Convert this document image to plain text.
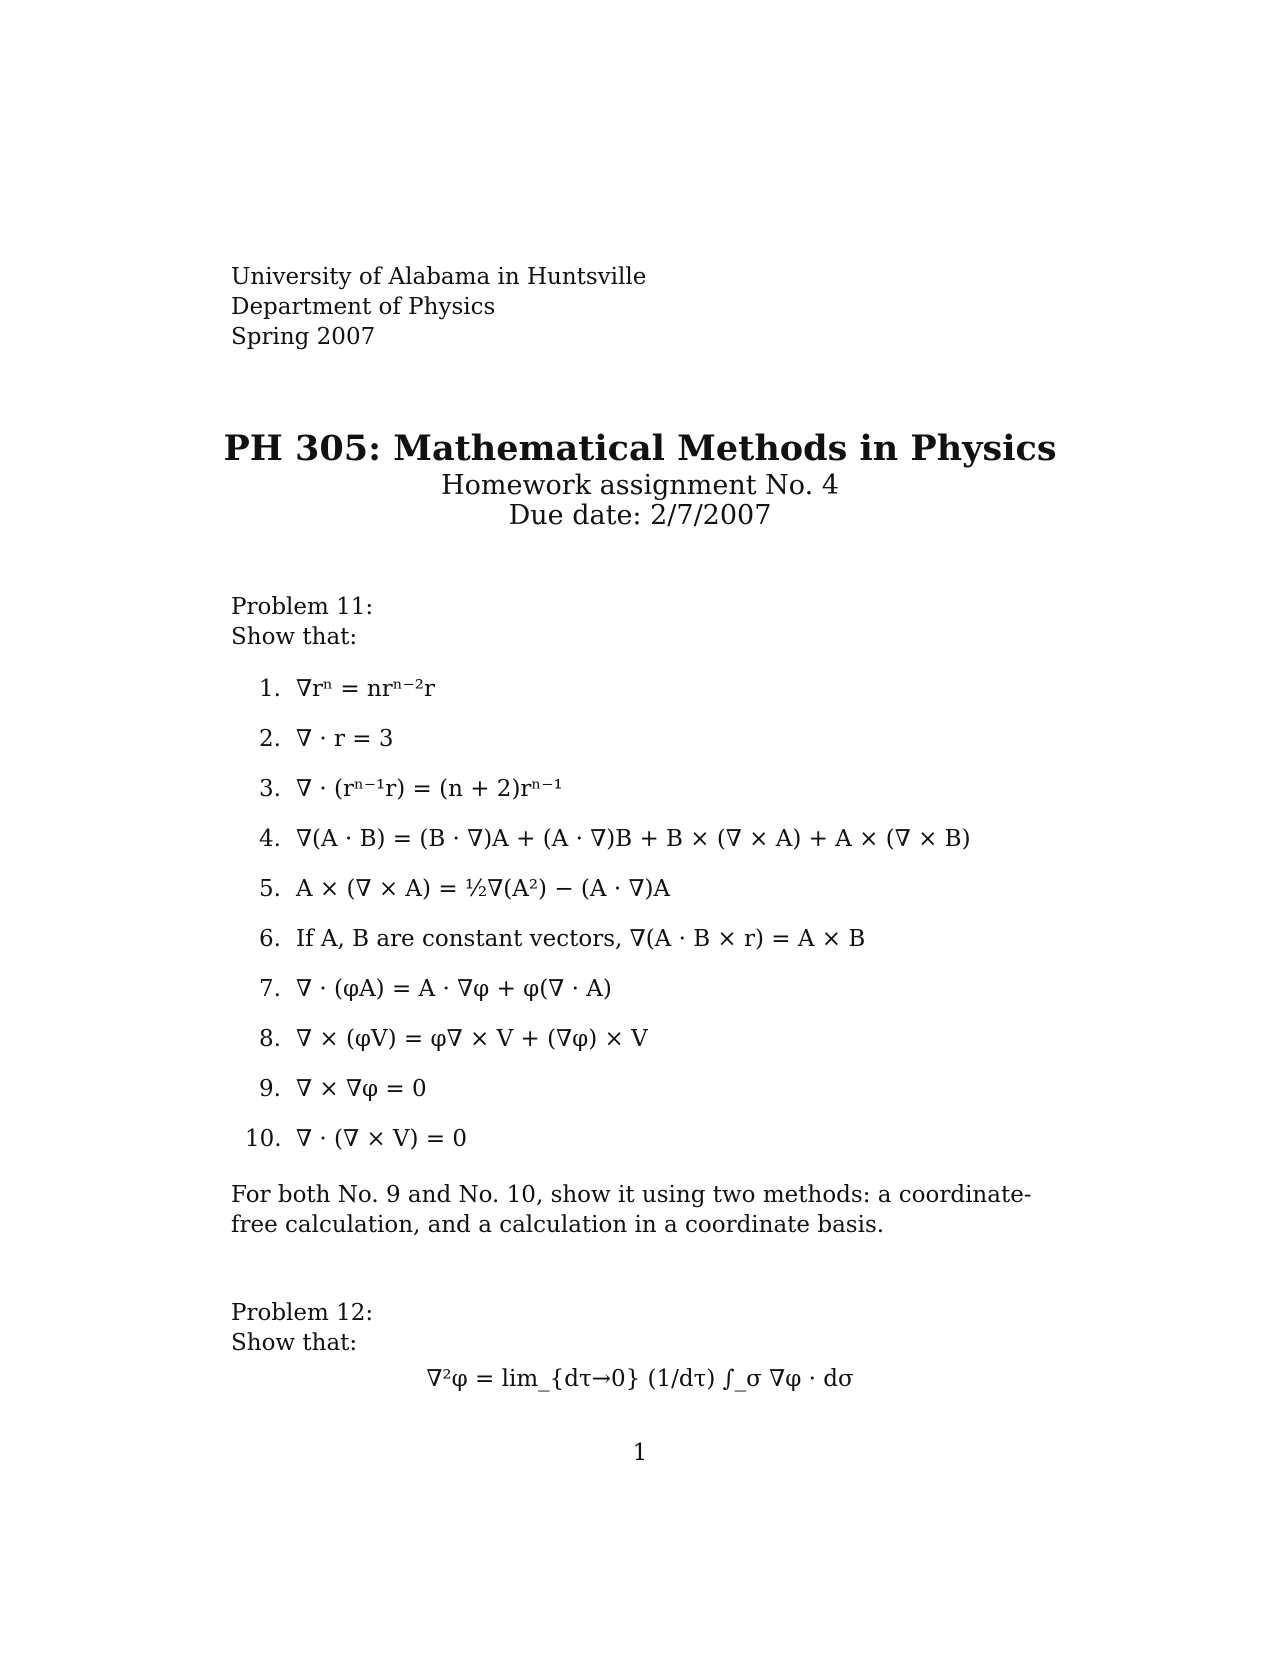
University of Alabama in Huntsville
Department of Physics
Spring 2007
PH 305: Mathematical Methods in Physics
Homework assignment No. 4
Due date: 2/7/2007
Problem 11:
Show that:
1. ∇rⁿ = nrⁿ⁻²r
2. ∇ · r = 3
3. ∇ · (rⁿ⁻¹r) = (n + 2)rⁿ⁻¹
4. ∇(A · B) = (B · ∇)A + (A · ∇)B + B × (∇ × A) + A × (∇ × B)
5. A × (∇ × A) = ½∇(A²) − (A · ∇)A
6. If A, B are constant vectors, ∇(A · B × r) = A × B
7. ∇ · (φA) = A · ∇φ + φ(∇ · A)
8. ∇ × (φV) = φ∇ × V + (∇φ) × V
9. ∇ × ∇φ = 0
10. ∇ · (∇ × V) = 0
For both No. 9 and No. 10, show it using two methods: a coordinate-free calculation, and a calculation in a coordinate basis.
Problem 12:
Show that:
∇²φ = lim_{dτ→0} (1/dτ) ∫_σ ∇φ · dσ
1
